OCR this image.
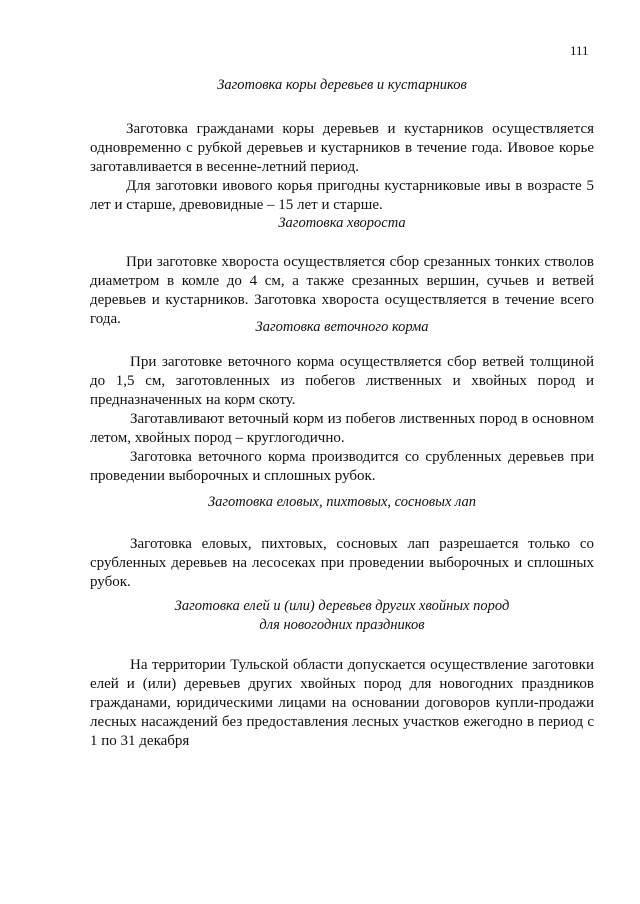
111

Заготовка коры деревьев и кустарников

Заготовка гражданами коры деревьев и кустарников осуществляется одновременно с рубкой деревьев и кустарников в течение года. Ивовое корье заготавливается в весенне-летний период.

Для заготовки ивового корья пригодны кустарниковые ивы в возрасте 5 лет и старше, древовидные – 15 лет и старше.

Заготовка хвороста

При заготовке хвороста осуществляется сбор срезанных тонких стволов диаметром в комле до 4 см, а также срезанных вершин, сучьев и ветвей деревьев и кустарников. Заготовка хвороста осуществляется в течение всего года.	Заготовка веточного корма

При заготовке веточного корма осуществляется сбор ветвей толщиной до 1,5 см, заготовленных из побегов лиственных и хвойных пород и предназначенных на корм скоту.

Заготавливают веточный корм из побегов лиственных пород в основном летом, хвойных пород – круглогодично.

Заготовка веточного корма производится со срубленных деревьев при проведении выборочных и сплошных рубок.

Заготовка еловых, пихтовых, сосновых лап

Заготовка еловых, пихтовых, сосновых лап разрешается только со срубленных деревьев на лесосеках при проведении выборочных и сплошных рубок.

Заготовка елей и (или) деревьев других хвойных пород

для новогодних праздников

На территории Тульской области допускается осуществление заготовки елей и (или) деревьев других хвойных пород для новогодних праздников гражданами, юридическими лицами на основании договоров купли-продажи лесных насаждений без предоставления лесных участков ежегодно в период с 1 по 31 декабря
